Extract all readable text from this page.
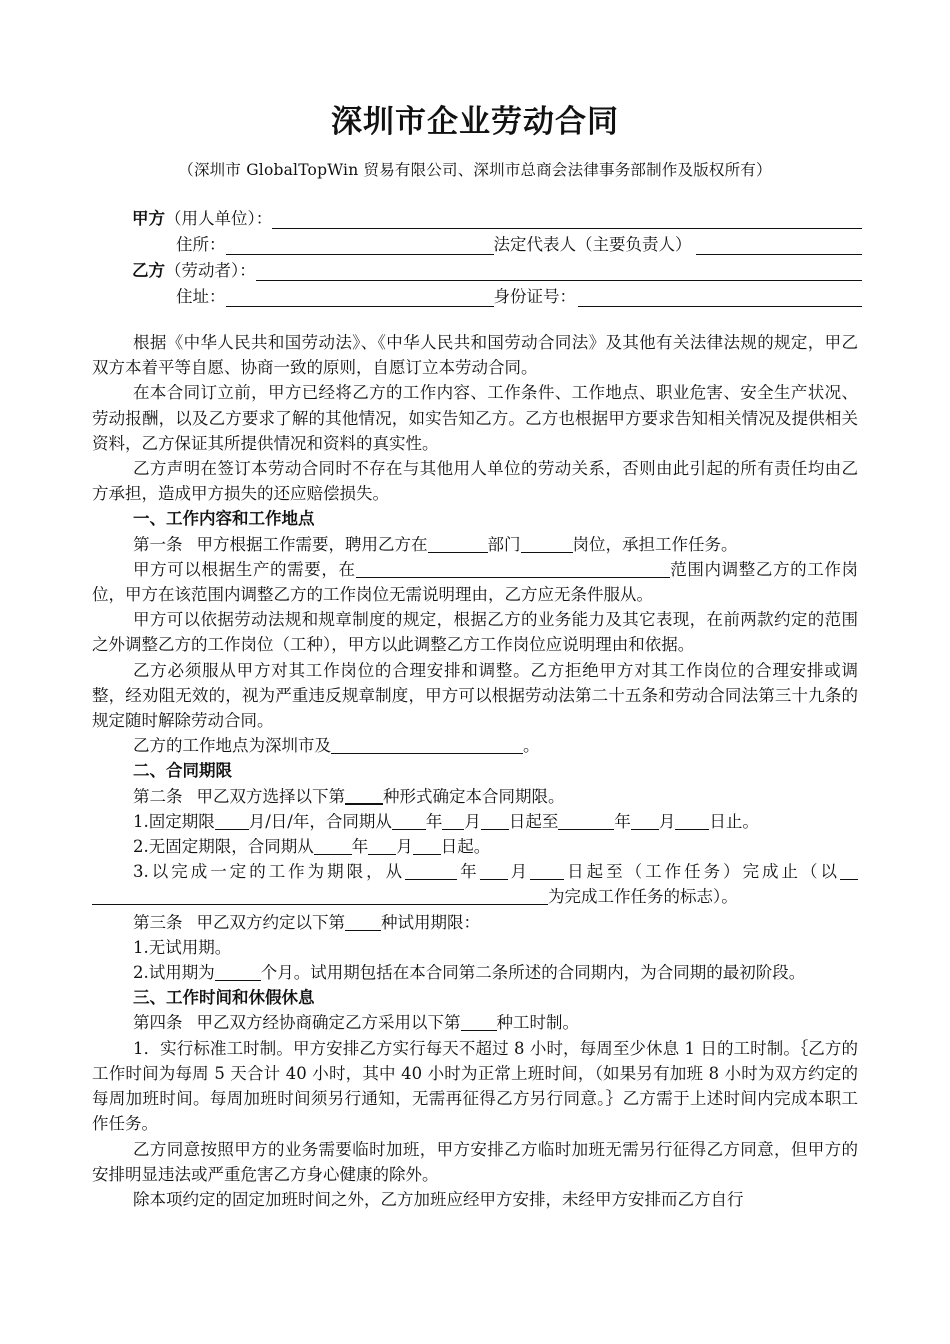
深圳市企业劳动合同
（深圳市 GlobalTopWin 贸易有限公司、深圳市总商会法律事务部制作及版权所有）
甲方 （用人单位）：
住所：	法定代表人（主要负责人）
乙方 （劳动者）：
住址：	身份证号：

根据《中华人民共和国劳动法》、《中华人民共和国劳动合同法》及其他有关法律法规的规定，甲乙双方本着平等自愿、协商一致的原则，自愿订立本劳动合同。

在本合同订立前，甲方已经将乙方的工作内容、工作条件、工作地点、职业危害、安全生产状况、劳动报酬，以及乙方要求了解的其他情况，如实告知乙方。乙方也根据甲方要求告知相关情况及提供相关资料，乙方保证其所提供情况和资料的真实性。

乙方声明在签订本劳动合同时不存在与其他用人单位的劳动关系，否则由此引起的所有责任均由乙方承担，造成甲方损失的还应赔偿损失。

一、工作内容和工作地点

第一条 甲方根据工作需要，聘用乙方在	部门	岗位，承担工作任务。

甲方可以根据生产的需要，在	范围内调整乙方的工作岗位，甲方在该范围内调整乙方的工作岗位无需说明理由，乙方应无条件服从。

甲方可以依据劳动法规和规章制度的规定，根据乙方的业务能力及其它表现，在前两款约定的范围之外调整乙方的工作岗位（工种），甲方以此调整乙方工作岗位应说明理由和依据。

乙方必须服从甲方对其工作岗位的合理安排和调整。乙方拒绝甲方对其工作岗位的合理安排或调整，经劝阻无效的，视为严重违反规章制度，甲方可以根据劳动法第二十五条和劳动合同法第三十九条的规定随时解除劳动合同。

乙方的工作地点为深圳市及	。

二、合同期限

第二条 甲乙双方选择以下第 种形式确定本合同期限。

1.固定期限 月/日/年，合同期从 年 月 日起至	年 月 日止。

2.无固定期限，合同期从 年 月 日起。

3.以完成一定的工作为期限，从	年 月 日起至（工作任务）完成止（以为完成工作任务的标志）。

第三条 甲乙双方约定以下第 种试用期限：

1.无试用期。

2.试用期为	个月。试用期包括在本合同第二条所述的合同期内，为合同期的最初阶段。

三、工作时间和休假休息

第四条 甲乙双方经协商确定乙方采用以下第 种工时制。

1．实行标准工时制。甲方安排乙方实行每天不超过 8 小时，每周至少休息 1 日的工时制。｛乙方的工作时间为每周 5 天合计 40 小时，其中 40 小时为正常上班时间，（如果另有加班 8 小时为双方约定的每周加班时间。每周加班时间须另行通知，无需再征得乙方另行同意。｝乙方需于上述时间内完成本职工作任务。

乙方同意按照甲方的业务需要临时加班，甲方安排乙方临时加班无需另行征得乙方同意，但甲方的安排明显违法或严重危害乙方身心健康的除外。

除本项约定的固定加班时间之外，乙方加班应经甲方安排，未经甲方安排而乙方自行
